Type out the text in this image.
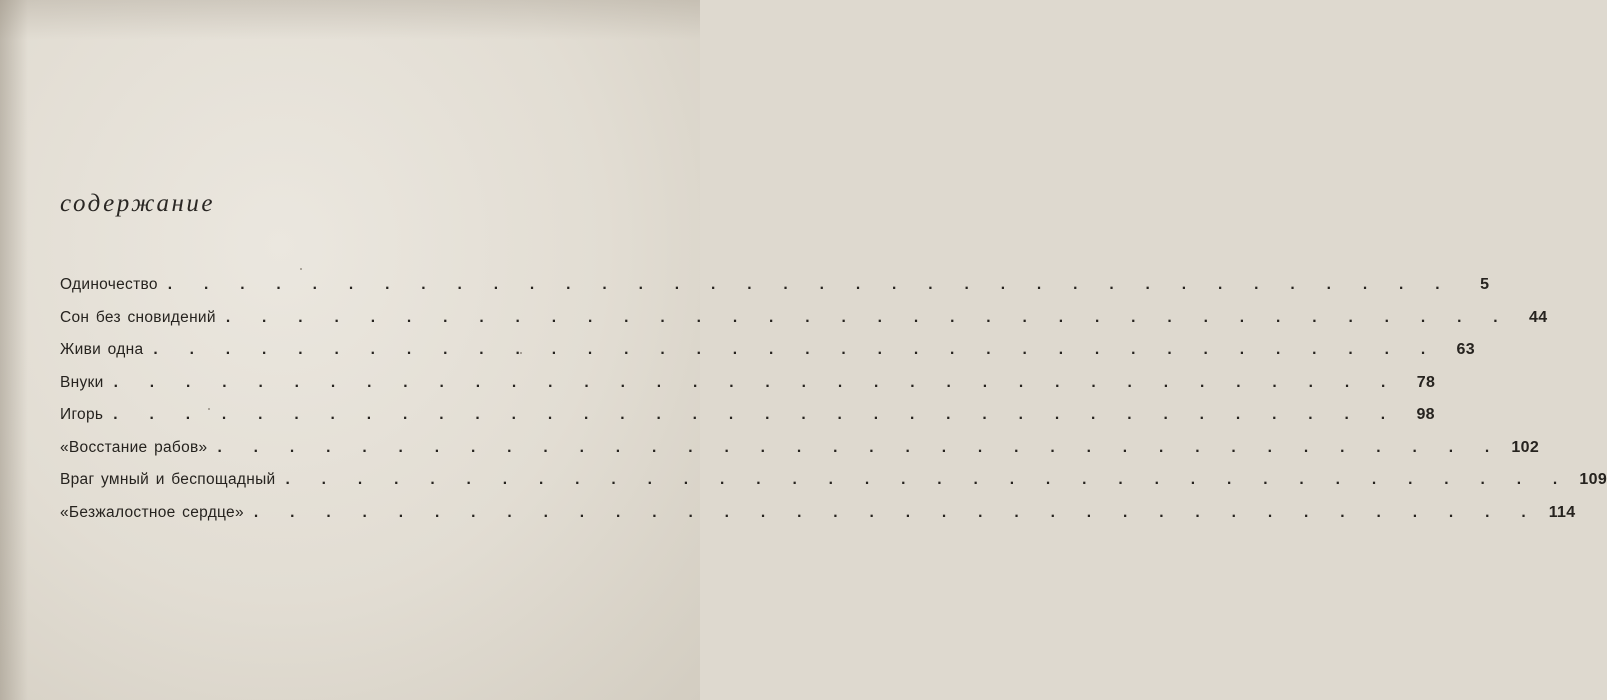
содержание
Одиночество . . . . . . . . . . . . . . . . . . . . . . . . . . . . . . . . . . . .	5
Сон без сновидений . . . . . . . . . . . . . . . . . . . . . . . . . . . . . . . . . . . .	44
Живи одна . . . . . . . . . . . . . . . . . . . . . . . . . . . . . . . . . . . .	63
Внуки . . . . . . . . . . . . . . . . . . . . . . . . . . . . . . . . . . . .	78
Игорь . . . . . . . . . . . . . . . . . . . . . . . . . . . . . . . . . . . .	98
«Восстание рабов» . . . . . . . . . . . . . . . . . . . . . . . . . . . . . . . . . . . . 102
Враг умный и беспощадный . . . . . . . . . . . . . . . . . . . . . . . . . . . . . . . . . . . . 109
«Безжалостное сердце» . . . . . . . . . . . . . . . . . . . . . . . . . . . . . . . . . . . . 114
